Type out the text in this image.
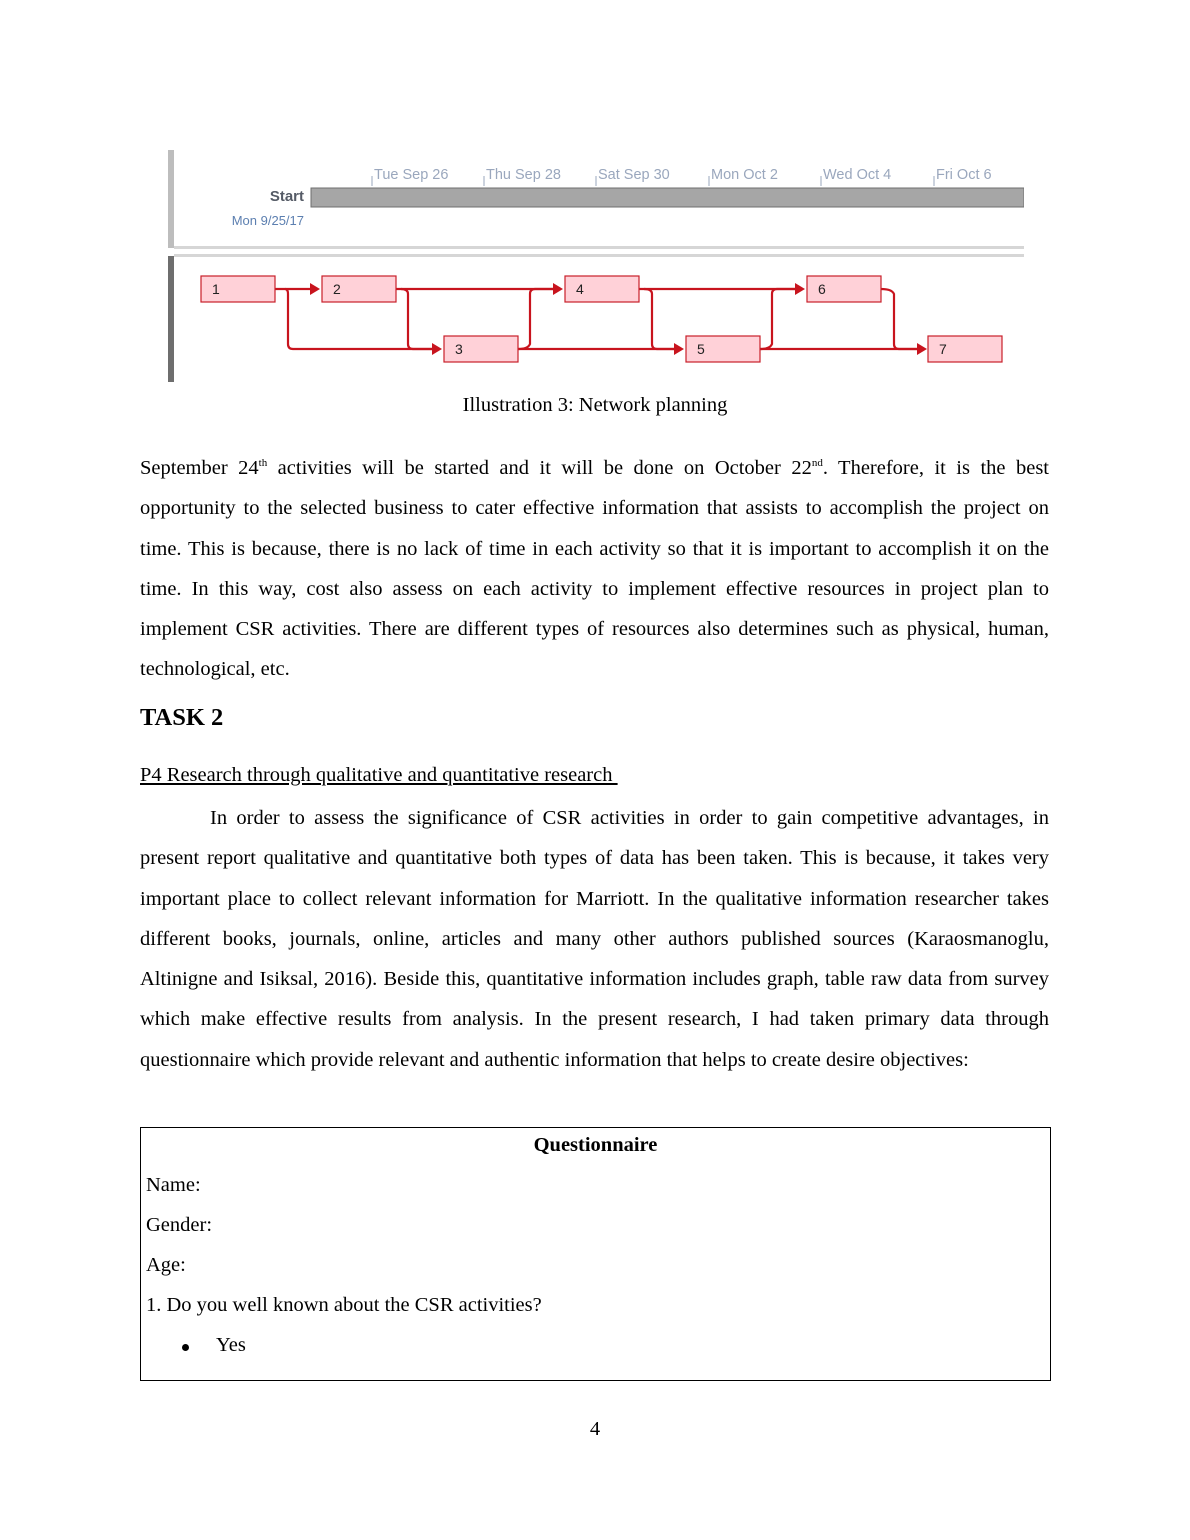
Tue Sep 26	Thu Sep 28	Sat Sep 30	Mon Oct 2	Wed Oct 4	Fri Oct 6
Start
Mon 9/25/17
1	2
3
4
5
6
7
Illustration 3: Network planning

September 24th activities will be started and it will be done on October 22nd. Therefore, it is the best opportunity to the selected business to cater effective information that assists to accomplish the project on time. This is because, there is no lack of time in each activity so that it is important to accomplish it on the time. In this way, cost also assess on each activity to implement effective resources in project plan to implement CSR activities. There are different types of resources also determines such as physical, human, technological, etc.

TASK 2
P4 Research through qualitative and quantitative research

In order to assess the significance of CSR activities in order to gain competitive advantages, in present report qualitative and quantitative both types of data has been taken. This is because, it takes very important place to collect relevant information for Marriott. In the qualitative information researcher takes different books, journals, online, articles and many other authors published sources (Karaosmanoglu, Altinigne and Isiksal, 2016). Beside this, quantitative information includes graph, table raw data from survey which make effective results from analysis. In the present research, I had taken primary data through questionnaire which provide relevant and authentic information that helps to create desire objectives:

Questionnaire
Name:
Gender:
Age:
1. Do you well known about the CSR activities?
Yes
4
